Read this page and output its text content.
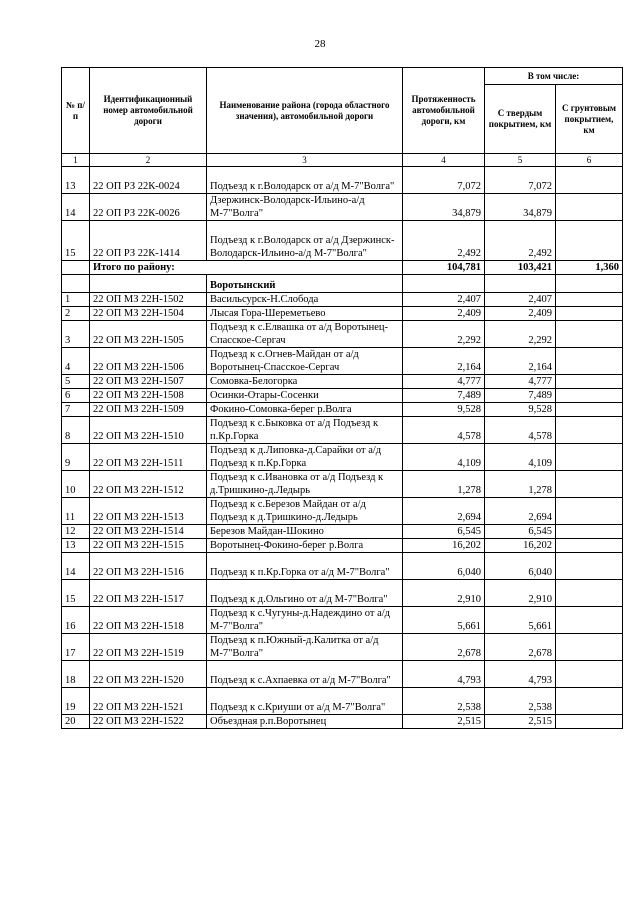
28
№ п/п	Идентификационный номер автомобильной дороги	Наименование района (города областного значения), автомобильной дороги	Протяженность автомобильной дороги, км	В том числе:	
				С твердым покрытием, км	С грунтовым покрытием, км
1	2	3	4	5	6
13	22 ОП РЗ 22К-0024	Подъезд к г.Володарск от а/д М-7"Волга"	7,072	7,072	
14	22 ОП РЗ 22К-0026	Дзержинск-Володарск-Ильино-а/д М-7"Волга"	34,879	34,879	
15	22 ОП РЗ 22К-1414	Подъезд к г.Володарск от а/д Дзержинск-Володарск-Ильино-а/д М-7"Волга"	2,492	2,492	
	Итого по району:		104,781	103,421	1,360
		Воротынский			
1	22 ОП МЗ 22Н-1502	Васильсурск-Н.Слобода	2,407	2,407	
2	22 ОП МЗ 22Н-1504	Лысая Гора-Шереметьево	2,409	2,409	
3	22 ОП МЗ 22Н-1505	Подъезд к с.Елвашка от а/д Воротынец-Спасское-Сергач	2,292	2,292	
4	22 ОП МЗ 22Н-1506	Подъезд к с.Огнев-Майдан от а/д Воротынец-Спасское-Сергач	2,164	2,164	
5	22 ОП МЗ 22Н-1507	Сомовка-Белогорка	4,777	4,777	
6	22 ОП МЗ 22Н-1508	Осинки-Отары-Сосенки	7,489	7,489	
7	22 ОП МЗ 22Н-1509	Фокино-Сомовка-берег р.Волга	9,528	9,528	
8	22 ОП МЗ 22Н-1510	Подъезд к с.Быковка от а/д Подъезд к п.Кр.Горка	4,578	4,578	
9	22 ОП МЗ 22Н-1511	Подъезд к д.Липовка-д.Сарайки от а/д Подъезд к п.Кр.Горка	4,109	4,109	
10	22 ОП МЗ 22Н-1512	Подъезд к с.Ивановка от а/д Подъезд к д.Тришкино-д.Ледырь	1,278	1,278	
11	22 ОП МЗ 22Н-1513	Подъезд к с.Березов Майдан от а/д Подъезд к д.Тришкино-д.Ледырь	2,694	2,694	
12	22 ОП МЗ 22Н-1514	Березов Майдан-Шокино	6,545	6,545	
13	22 ОП МЗ 22Н-1515	Воротынец-Фокино-берег р.Волга	16,202	16,202	
14	22 ОП МЗ 22Н-1516	Подъезд к п.Кр.Горка от а/д М-7"Волга"	6,040	6,040	
15	22 ОП МЗ 22Н-1517	Подъезд к д.Ольгино от а/д М-7"Волга"	2,910	2,910	
16	22 ОП МЗ 22Н-1518	Подъезд к с.Чугуны-д.Надеждино от а/д М-7"Волга"	5,661	5,661	
17	22 ОП МЗ 22Н-1519	Подъезд к п.Южный-д.Калитка от а/д М-7"Волга"	2,678	2,678	
18	22 ОП МЗ 22Н-1520	Подъезд к с.Ахпаевка от а/д М-7"Волга"	4,793	4,793	
19	22 ОП МЗ 22Н-1521	Подъезд к с.Криуши от а/д М-7"Волга"	2,538	2,538	
20	22 ОП МЗ 22Н-1522	Объездная р.п.Воротынец	2,515	2,515	
